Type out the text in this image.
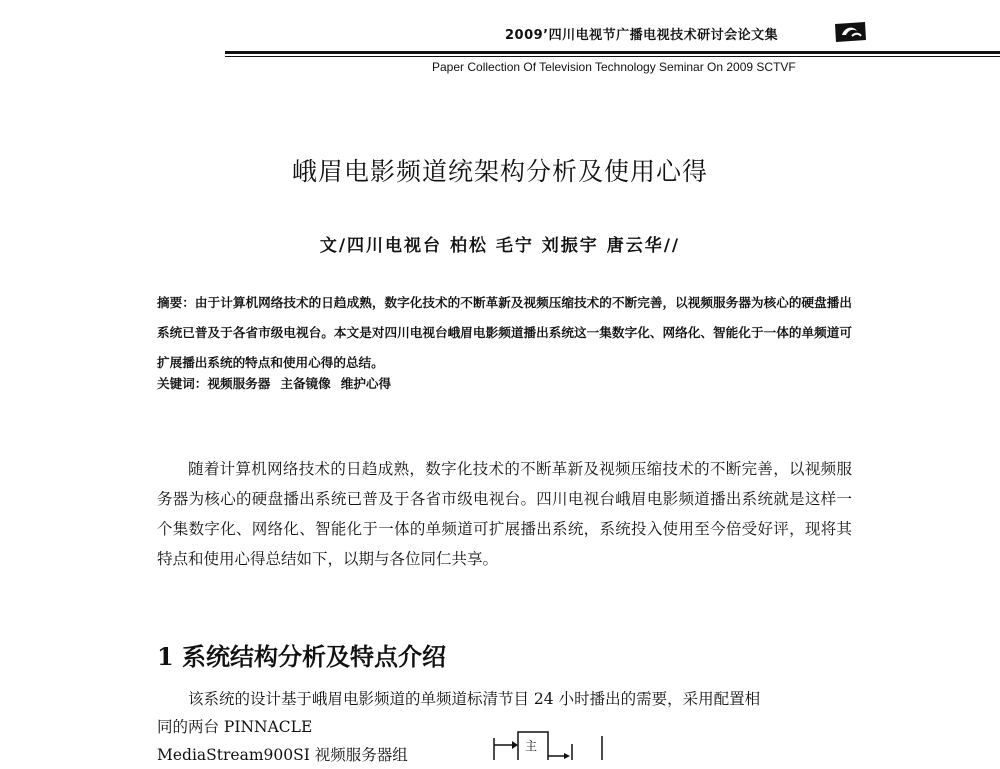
2009’四川电视节广播电视技术研讨会论文集
Paper Collection Of Television Technology Seminar On 2009 SCTVF
峨眉电影频道统架构分析及使用心得
文/四川电视台 柏松 毛宁 刘振宇 唐云华//
摘要：由于计算机网络技术的日趋成熟，数字化技术的不断革新及视频压缩技术的不断完善，以视频服务器为核心的硬盘播出系统已普及于各省市级电视台。本文是对四川电视台峨眉电影频道播出系统这一集数字化、网络化、智能化于一体的单频道可扩展播出系统的特点和使用心得的总结。
关键词：视频服务器 主备镜像 维护心得
随着计算机网络技术的日趋成熟，数字化技术的不断革新及视频压缩技术的不断完善，以视频服务器为核心的硬盘播出系统已普及于各省市级电视台。四川电视台峨眉电影频道播出系统就是这样一个集数字化、网络化、智能化于一体的单频道可扩展播出系统，系统投入使用至今倍受好评，现将其特点和使用心得总结如下，以期与各位同仁共享。
1 系统结构分析及特点介绍
该系统的设计基于峨眉电影频道的单频道标清节目 24 小时播出的需要，采用配置相
同的两台 PINNACLE
MediaStream900SI 视频服务器组	主
